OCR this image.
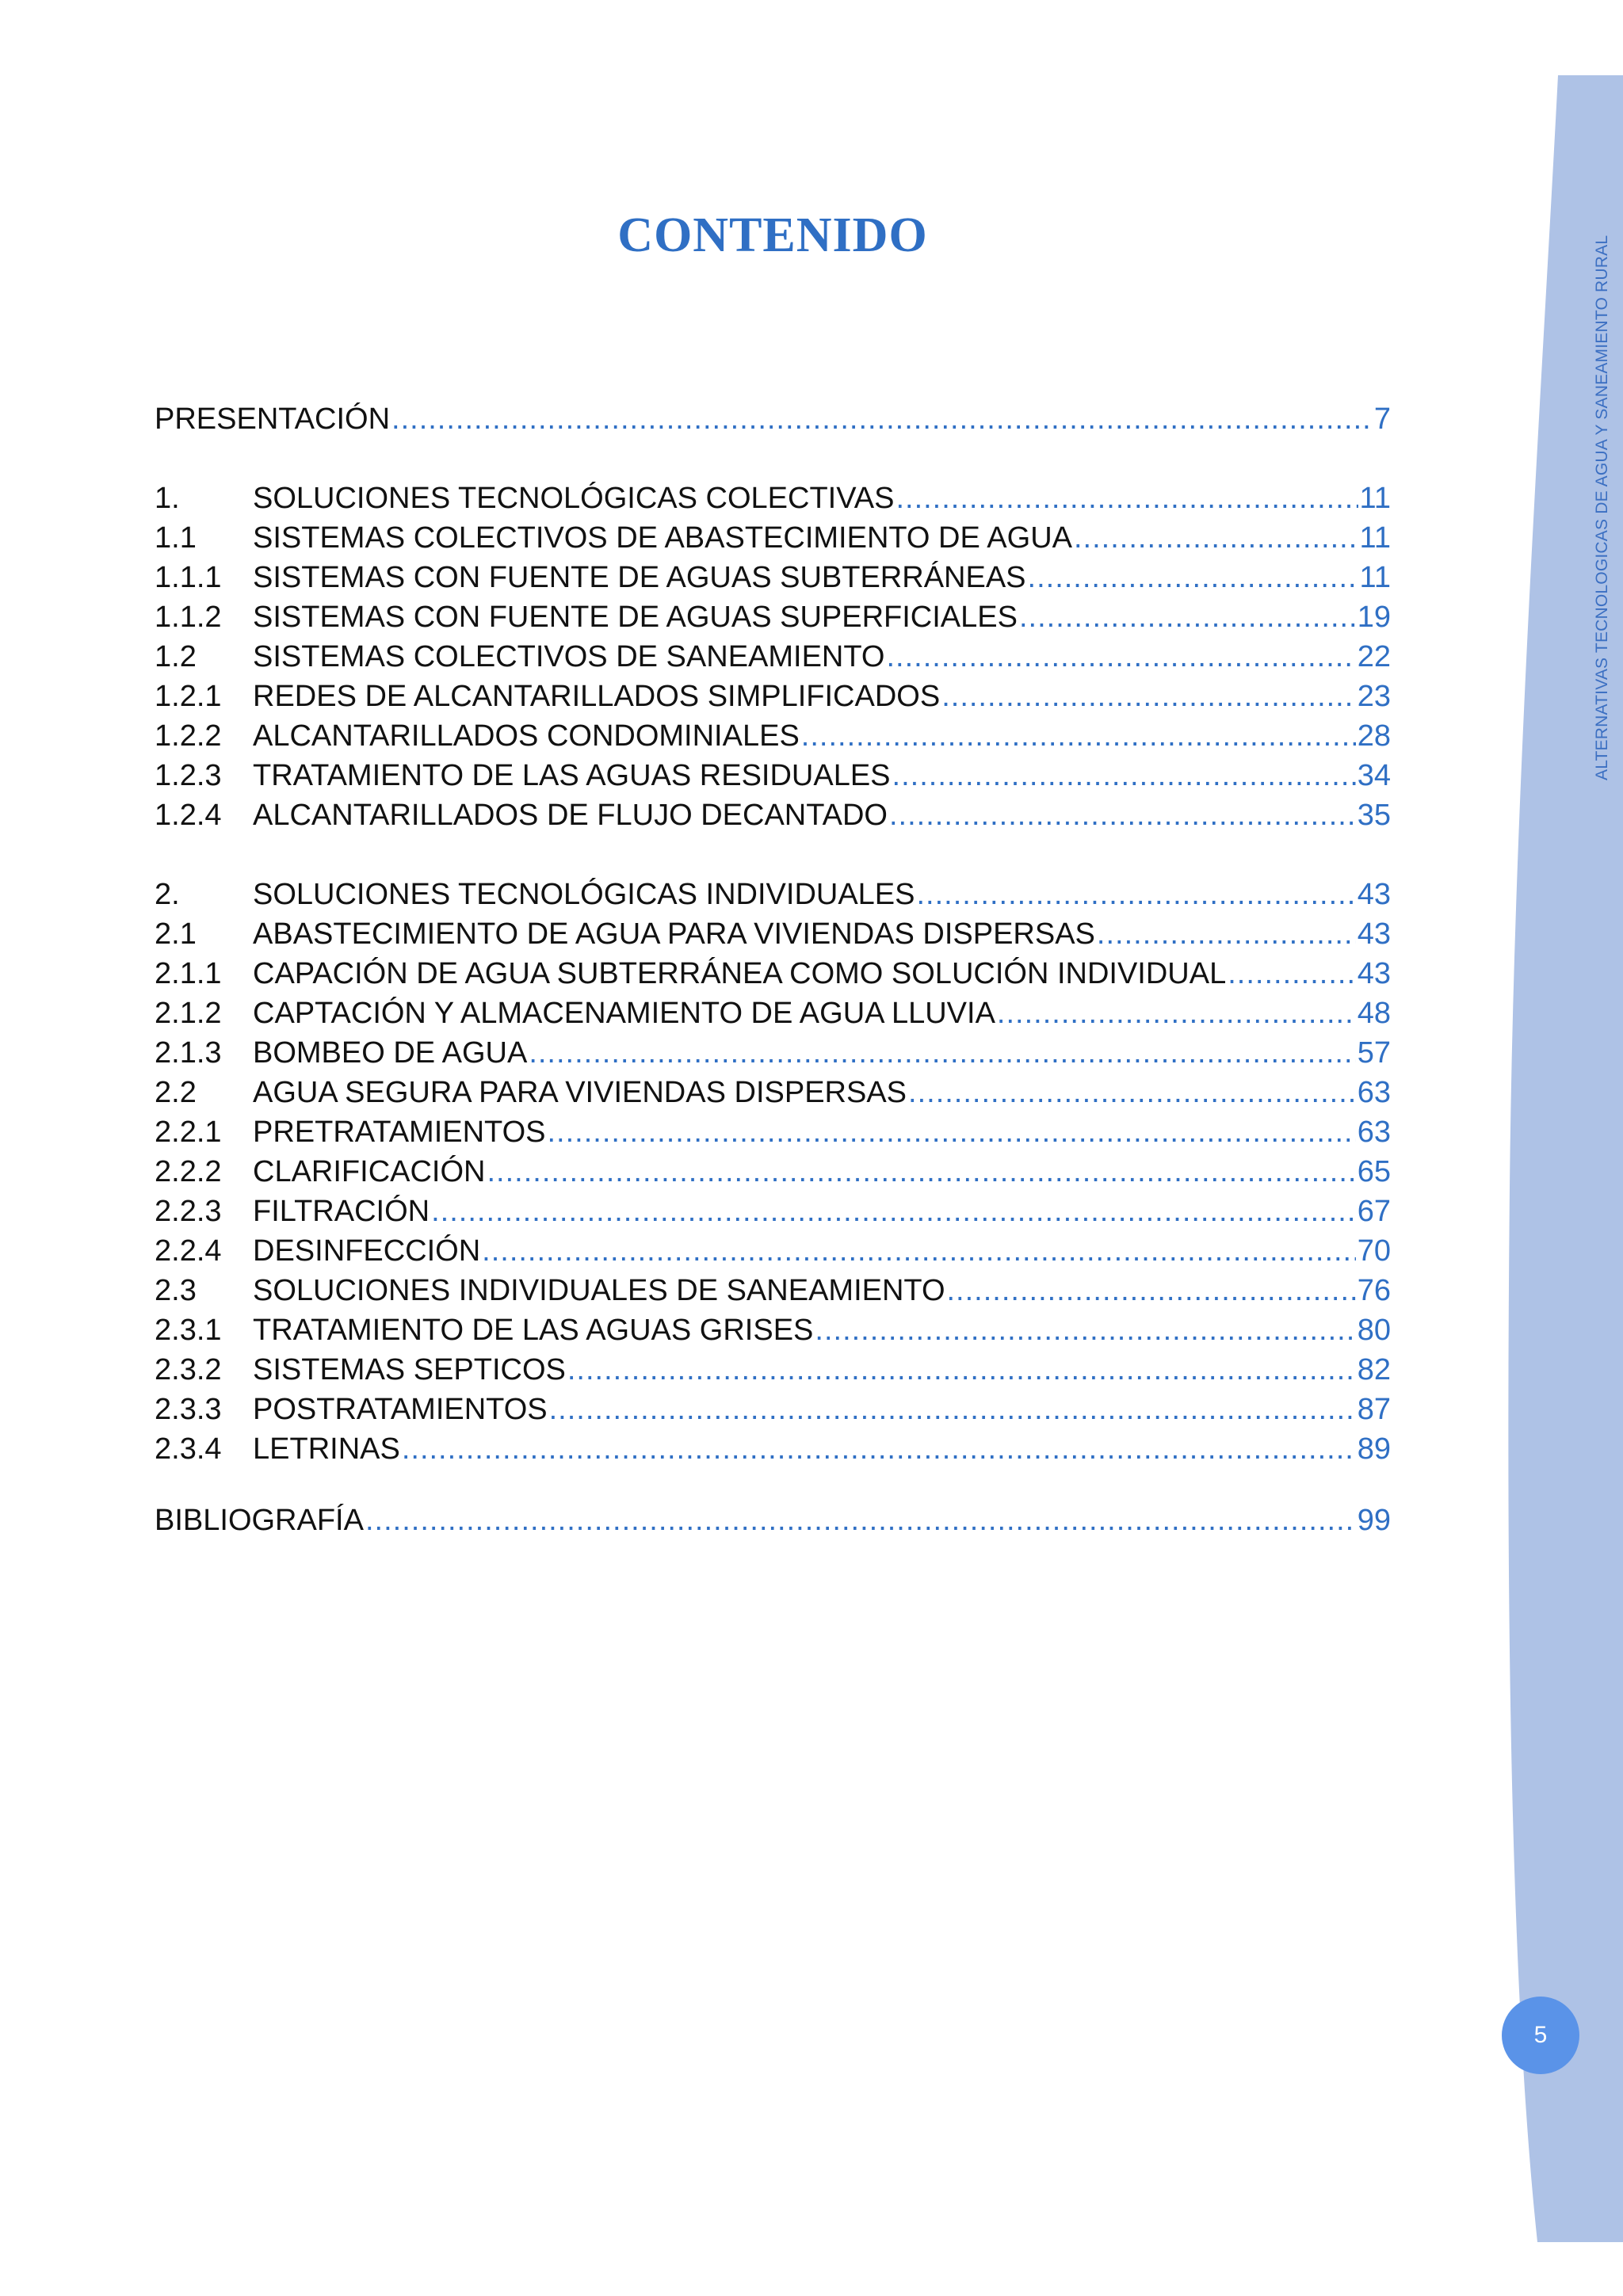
ALTERNATIVAS TECNOLOGICAS DE AGUA Y SANEAMIENTO RURAL
5
CONTENIDO
PRESENTACIÓN .....	7
1.	SOLUCIONES TECNOLÓGICAS COLECTIVAS .....	11
1.1	SISTEMAS COLECTIVOS DE ABASTECIMIENTO DE AGUA .....	11
1.1.1	SISTEMAS CON FUENTE DE AGUAS SUBTERRÁNEAS .....	11
1.1.2	SISTEMAS CON FUENTE DE AGUAS SUPERFICIALES .....	19
1.2	SISTEMAS COLECTIVOS DE SANEAMIENTO .....	22
1.2.1	REDES DE ALCANTARILLADOS SIMPLIFICADOS .....	23
1.2.2	ALCANTARILLADOS CONDOMINIALES .....	28
1.2.3	TRATAMIENTO DE LAS AGUAS RESIDUALES .....	34
1.2.4	ALCANTARILLADOS DE FLUJO DECANTADO .....	35
2.	SOLUCIONES TECNOLÓGICAS INDIVIDUALES .....	43
2.1	ABASTECIMIENTO DE AGUA PARA VIVIENDAS DISPERSAS .....	43
2.1.1	CAPACIÓN DE AGUA SUBTERRÁNEA COMO SOLUCIÓN INDIVIDUAL .....	43
2.1.2	CAPTACIÓN Y ALMACENAMIENTO DE AGUA LLUVIA .....	48
2.1.3	BOMBEO DE AGUA .....	57
2.2	AGUA SEGURA PARA VIVIENDAS DISPERSAS .....	63
2.2.1	PRETRATAMIENTOS .....	63
2.2.2	CLARIFICACIÓN .....	65
2.2.3	FILTRACIÓN .....	67
2.2.4	DESINFECCIÓN .....	70
2.3	SOLUCIONES INDIVIDUALES DE SANEAMIENTO .....	76
2.3.1	TRATAMIENTO DE LAS AGUAS GRISES .....	80
2.3.2	SISTEMAS SEPTICOS .....	82
2.3.3	POSTRATAMIENTOS .....	87
2.3.4	LETRINAS .....	89
BIBLIOGRAFÍA .....	99
